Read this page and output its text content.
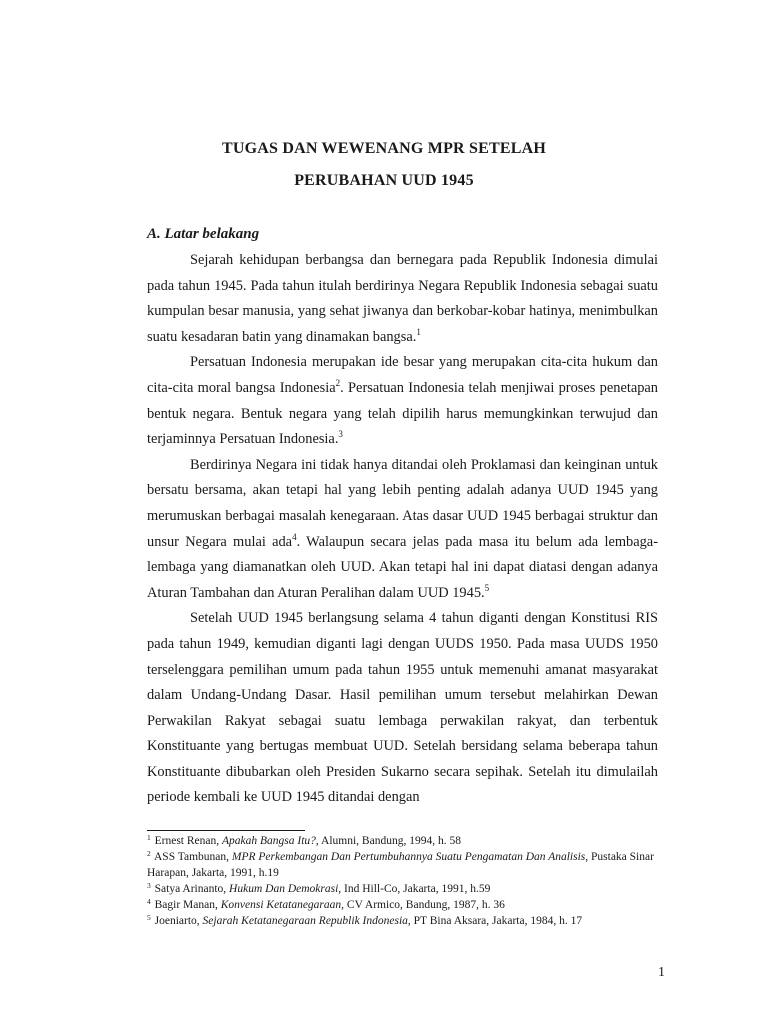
TUGAS DAN WEWENANG MPR SETELAH
PERUBAHAN UUD 1945
A. Latar belakang

Sejarah kehidupan berbangsa dan bernegara pada Republik Indonesia dimulai pada tahun 1945. Pada tahun itulah berdirinya Negara Republik Indonesia sebagai suatu kumpulan besar manusia, yang sehat jiwanya dan berkobar-kobar hatinya, menimbulkan suatu kesadaran batin yang dinamakan bangsa.$^1$

Persatuan Indonesia merupakan ide besar yang merupakan cita-cita hukum dan cita-cita moral bangsa Indonesia$^2$. Persatuan Indonesia telah menjiwai proses penetapan bentuk negara. Bentuk negara yang telah dipilih harus memungkinkan terwujud dan terjaminnya Persatuan Indonesia.$^3$

Berdirinya Negara ini tidak hanya ditandai oleh Proklamasi dan keinginan untuk bersatu bersama, akan tetapi hal yang lebih penting adalah adanya UUD 1945 yang merumuskan berbagai masalah kenegaraan. Atas dasar UUD 1945 berbagai struktur dan unsur Negara mulai ada$^4$. Walaupun secara jelas pada masa itu belum ada lembaga-lembaga yang diamanatkan oleh UUD. Akan tetapi hal ini dapat diatasi dengan adanya Aturan Tambahan dan Aturan Peralihan dalam UUD 1945.$^5$

Setelah UUD 1945 berlangsung selama 4 tahun diganti dengan Konstitusi RIS pada tahun 1949, kemudian diganti lagi dengan UUDS 1950. Pada masa UUDS 1950 terselenggara pemilihan umum pada tahun 1955 untuk memenuhi amanat masyarakat dalam Undang-Undang Dasar. Hasil pemilihan umum tersebut melahirkan Dewan Perwakilan Rakyat sebagai suatu lembaga perwakilan rakyat, dan terbentuk Konstituante yang bertugas membuat UUD. Setelah bersidang selama beberapa tahun Konstituante dibubarkan oleh Presiden Sukarno secara sepihak. Setelah itu dimulailah periode kembali ke UUD 1945 ditandai dengan

$^1$ Ernest Renan, Apakah Bangsa Itu?, Alumni, Bandung, 1994, h. 58

$^2$ ASS Tambunan, MPR Perkembangan Dan Pertumbuhannya Suatu Pengamatan Dan Analisis, Pustaka Sinar Harapan, Jakarta, 1991, h.19

$^3$ Satya Arinanto, Hukum Dan Demokrasi, Ind Hill-Co, Jakarta, 1991, h.59

$^4$ Bagir Manan, Konvensi Ketatanegaraan, CV Armico, Bandung, 1987, h. 36

$^5$ Joeniarto, Sejarah Ketatanegaraan Republik Indonesia, PT Bina Aksara, Jakarta, 1984, h. 17

1
